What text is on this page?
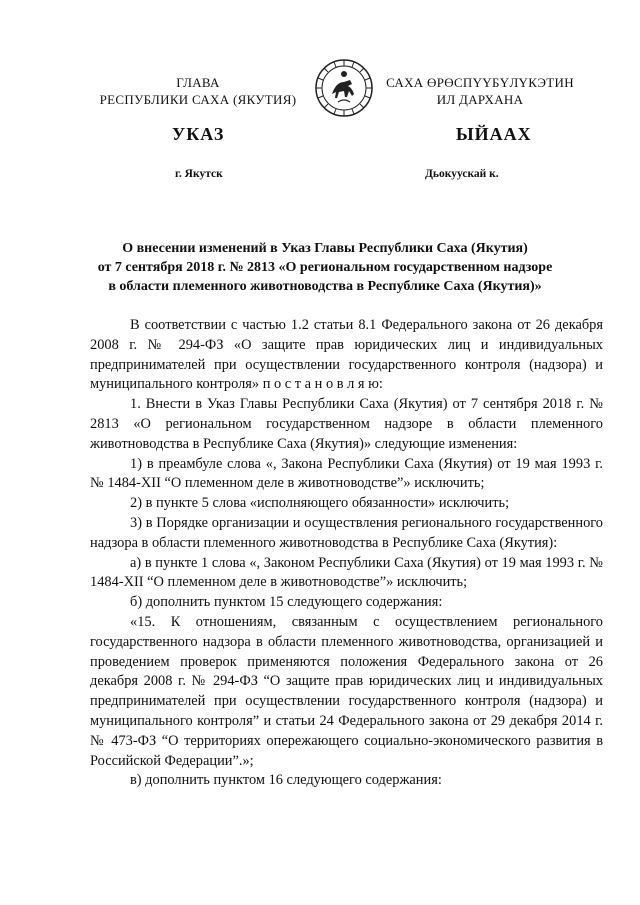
ГЛАВА
РЕСПУБЛИКИ САХА (ЯКУТИЯ)
САХА ӨРӨСПҮҮБҮЛҮКЭТИН
ИЛ ДАРХАНА
УКАЗ	ЫЙААХ
г. Якутск	Дьокуускай к.
О внесении изменений в Указ Главы Республики Саха (Якутия)
от 7 сентября 2018 г. № 2813 «О региональном государственном надзоре
в области племенного животноводства в Республике Саха (Якутия)»

В соответствии с частью 1.2 статьи 8.1 Федерального закона от 26 декабря 2008 г. № 294-ФЗ «О защите прав юридических лиц и индивидуальных предпринимателей при осуществлении государственного контроля (надзора) и муниципального контроля» п о с т а н о в л я ю:

1. Внести в Указ Главы Республики Саха (Якутия) от 7 сентября 2018 г. № 2813 «О региональном государственном надзоре в области племенного животноводства в Республике Саха (Якутия)» следующие изменения:

1) в преамбуле слова «, Закона Республики Саха (Якутия) от 19 мая 1993 г. № 1484-XII “О племенном деле в животноводстве”» исключить;

2) в пункте 5 слова «исполняющего обязанности» исключить;

3) в Порядке организации и осуществления регионального государственного надзора в области племенного животноводства в Республике Саха (Якутия):

а) в пункте 1 слова «, Законом Республики Саха (Якутия) от 19 мая 1993 г. № 1484-XII “О племенном деле в животноводстве”» исключить;

б) дополнить пунктом 15 следующего содержания:

«15. К отношениям, связанным с осуществлением регионального государственного надзора в области племенного животноводства, организацией и проведением проверок применяются положения Федерального закона от 26 декабря 2008 г. № 294-ФЗ “О защите прав юридических лиц и индивидуальных предпринимателей при осуществлении государственного контроля (надзора) и муниципального контроля” и статьи 24 Федерального закона от 29 декабря 2014 г. № 473-ФЗ “О территориях опережающего социально-экономического развития в Российской Федерации”.»;

в) дополнить пунктом 16 следующего содержания:
